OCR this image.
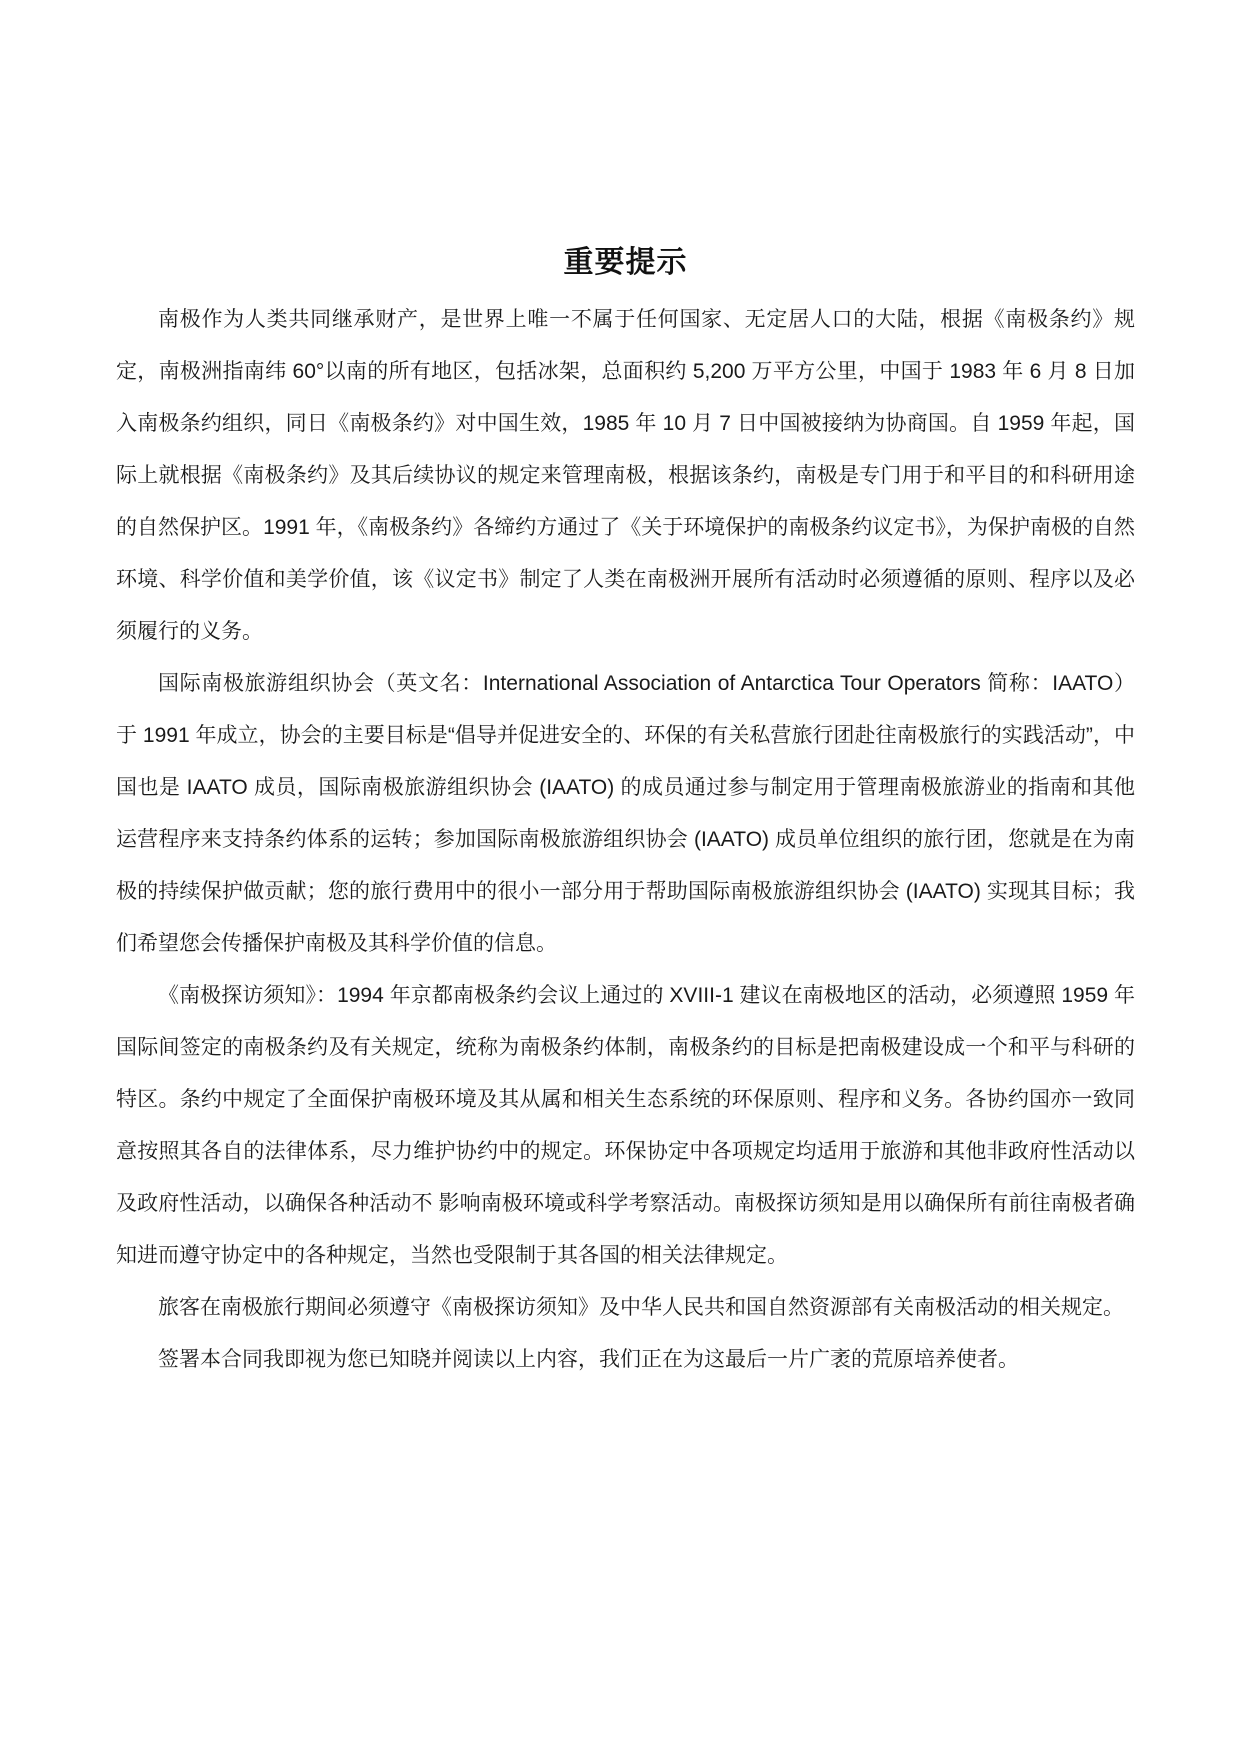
重要提示

南极作为人类共同继承财产，是世界上唯一不属于任何国家、无定居人口的大陆，根据《南极条约》规定，南极洲指南纬 60°以南的所有地区，包括冰架，总面积约 5,200 万平方公里，中国于 1983 年 6 月 8 日加入南极条约组织，同日《南极条约》对中国生效，1985 年 10 月 7 日中国被接纳为协商国。自 1959 年起，国际上就根据《南极条约》及其后续协议的规定来管理南极，根据该条约，南极是专门用于和平目的和科研用途的自然保护区。1991 年，《南极条约》各缔约方通过了《关于环境保护的南极条约议定书》，为保护南极的自然环境、科学价值和美学价值，该《议定书》制定了人类在南极洲开展所有活动时必须遵循的原则、程序以及必须履行的义务。

国际南极旅游组织协会（英文名：International Association of Antarctica Tour Operators 简称：IAATO）于 1991 年成立，协会的主要目标是“倡导并促进安全的、环保的有关私营旅行团赴往南极旅行的实践活动”，中国也是 IAATO 成员，国际南极旅游组织协会 (IAATO) 的成员通过参与制定用于管理南极旅游业的指南和其他运营程序来支持条约体系的运转；参加国际南极旅游组织协会 (IAATO) 成员单位组织的旅行团，您就是在为南极的持续保护做贡献；您的旅行费用中的很小一部分用于帮助国际南极旅游组织协会 (IAATO) 实现其目标；我们希望您会传播保护南极及其科学价值的信息。

《南极探访须知》：1994 年京都南极条约会议上通过的 XVIII-1 建议在南极地区的活动，必须遵照 1959 年国际间签定的南极条约及有关规定，统称为南极条约体制，南极条约的目标是把南极建设成一个和平与科研的特区。条约中规定了全面保护南极环境及其从属和相关生态系统的环保原则、程序和义务。各协约国亦一致同意按照其各自的法律体系，尽力维护协约中的规定。环保协定中各项规定均适用于旅游和其他非政府性活动以及政府性活动，以确保各种活动不 影响南极环境或科学考察活动。南极探访须知是用以确保所有前往南极者确知进而遵守协定中的各种规定，当然也受限制于其各国的相关法律规定。

旅客在南极旅行期间必须遵守《南极探访须知》及中华人民共和国自然资源部有关南极活动的相关规定。

签署本合同我即视为您已知晓并阅读以上内容，我们正在为这最后一片广袤的荒原培养使者。
